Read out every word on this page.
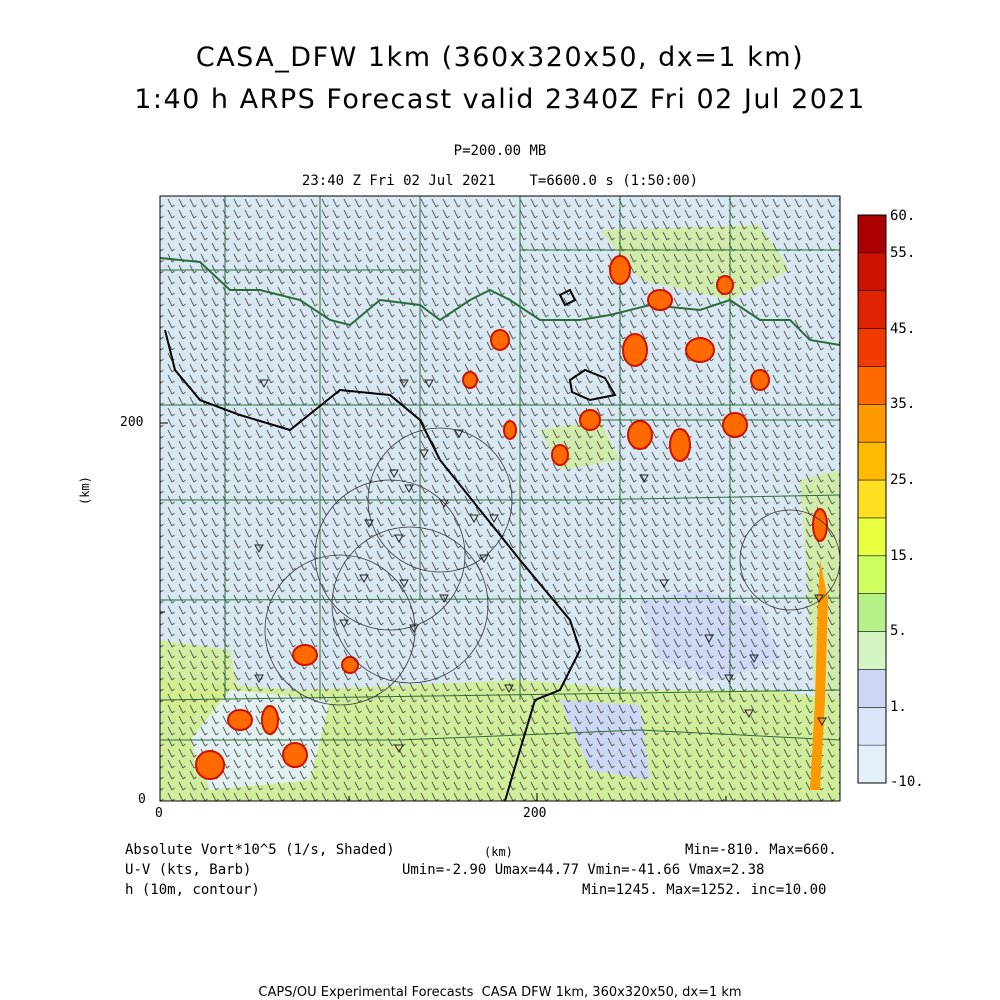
CASA_DFW 1km (360x320x50, dx=1 km)
1:40 h ARPS Forecast valid 2340Z Fri 02 Jul 2021
P=200.00 MB
23:40 Z Fri 02 Jul 2021    T=6600.0 s (1:50:00)
200
0
0	200
(km)
(km)
60.
55.
45.
35.
25.
15.
5.
1.
-10.
Absolute Vort*10^5 (1/s, Shaded)	Min=-810. Max=660.
U-V (kts, Barb)	Umin=-2.90 Umax=44.77 Vmin=-41.66 Vmax=2.38
h (10m, contour)	Min=1245. Max=1252. inc=10.00
CAPS/OU Experimental Forecasts  CASA DFW 1km, 360x320x50, dx=1 km
